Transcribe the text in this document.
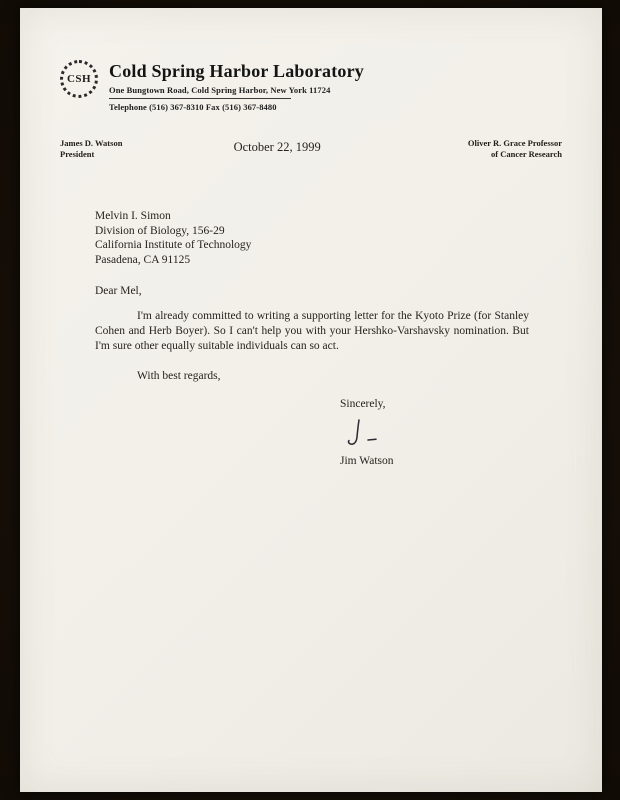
CSH Cold Spring Harbor Laboratory
One Bungtown Road, Cold Spring Harbor, New York 11724
Telephone (516) 367-8310 Fax (516) 367-8480
James D. Watson
President	October 22, 1999	Oliver R. Grace Professor
of Cancer Research
Melvin I. Simon
Division of Biology, 156-29
California Institute of Technology
Pasadena, CA 91125

Dear Mel,

I'm already committed to writing a supporting letter for the Kyoto Prize (for Stanley Cohen and Herb Boyer). So I can't help you with your Hershko-Varshavsky nomination. But I'm sure other equally suitable individuals can so act.

With best regards,

Sincerely,
Jim Watson
